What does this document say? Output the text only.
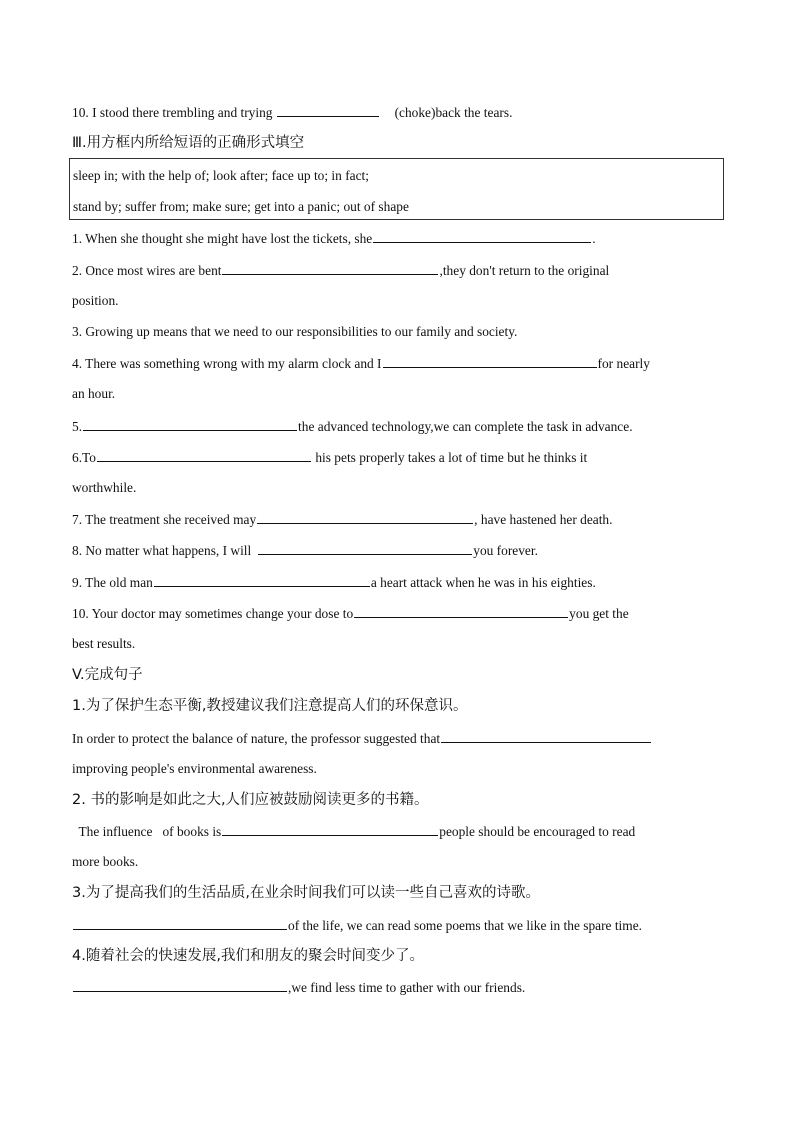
10. I stood there trembling and trying	(choke)back the tears.
Ⅲ.用方框内所给短语的正确形式填空
sleep in; with the help of; look after; face up to; in fact;
stand by; suffer from; make sure; get into a panic; out of shape
1. When she thought she might have lost the tickets, she	.
2. Once most wires are bent	,they don't return to the original
position.
3. Growing up means that we need to our responsibilities to our family and society.
4. There was something wrong with my alarm clock and I	for nearly
an hour.
5.	the advanced technology,we can complete the task in advance.
6.To	his pets properly takes a lot of time but he thinks it
worthwhile.
7. The treatment she received may	, have hastened her death.
8. No matter what happens, I will	you forever.
9. The old man	a heart attack when he was in his eighties.
10. Your doctor may sometimes change your dose to	you get the
best results.
V.完成句子
1.为了保护生态平衡,教授建议我们注意提高人们的环保意识。
In order to protect the balance of nature, the professor suggested that
improving people's environmental awareness.
2. 书的影响是如此之大,人们应被鼓励阅读更多的书籍。
The influence   of books is	people should be encouraged to read
more books.
3.为了提高我们的生活品质,在业余时间我们可以读一些自己喜欢的诗歌。
of the life, we can read some poems that we like in the spare time.
4.随着社会的快速发展,我们和朋友的聚会时间变少了。
,we find less time to gather with our friends.
